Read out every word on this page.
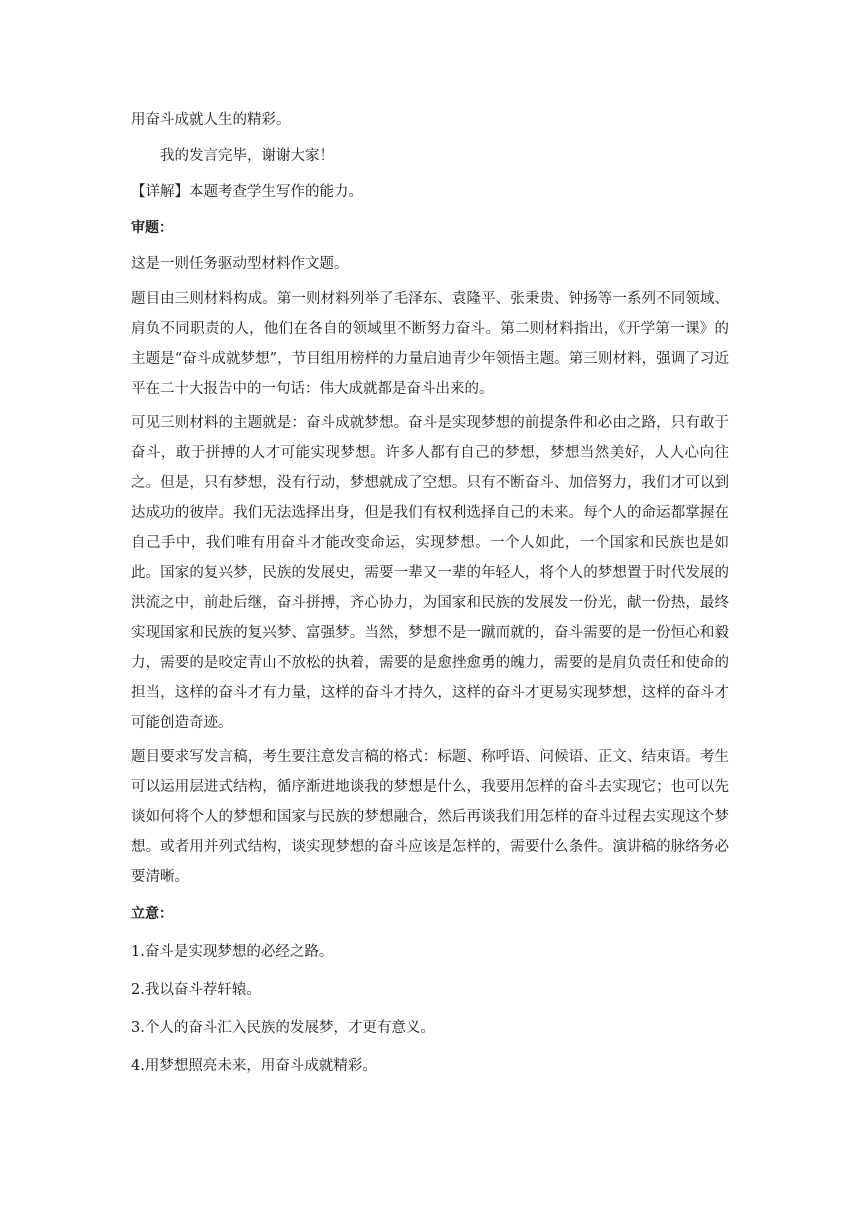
用奋斗成就人生的精彩。

我的发言完毕，谢谢大家！

【详解】本题考查学生写作的能力。

审题：

这是一则任务驱动型材料作文题。

题目由三则材料构成。第一则材料列举了毛泽东、袁隆平、张秉贵、钟扬等一系列不同领域、肩负不同职责的人，他们在各自的领域里不断努力奋斗。第二则材料指出，《开学第一课》的主题是“奋斗成就梦想”，节目组用榜样的力量启迪青少年领悟主题。第三则材料，强调了习近平在二十大报告中的一句话：伟大成就都是奋斗出来的。

可见三则材料的主题就是：奋斗成就梦想。奋斗是实现梦想的前提条件和必由之路，只有敢于奋斗，敢于拼搏的人才可能实现梦想。许多人都有自己的梦想，梦想当然美好，人人心向往之。但是，只有梦想，没有行动，梦想就成了空想。只有不断奋斗、加倍努力，我们才可以到达成功的彼岸。我们无法选择出身，但是我们有权利选择自己的未来。每个人的命运都掌握在自己手中，我们唯有用奋斗才能改变命运，实现梦想。一个人如此，一个国家和民族也是如此。国家的复兴梦，民族的发展史，需要一辈又一辈的年轻人，将个人的梦想置于时代发展的洪流之中，前赴后继，奋斗拼搏，齐心协力，为国家和民族的发展发一份光，献一份热，最终实现国家和民族的复兴梦、富强梦。当然，梦想不是一蹴而就的，奋斗需要的是一份恒心和毅力，需要的是咬定青山不放松的执着，需要的是愈挫愈勇的魄力，需要的是肩负责任和使命的担当，这样的奋斗才有力量，这样的奋斗才持久，这样的奋斗才更易实现梦想，这样的奋斗才可能创造奇迹。

题目要求写发言稿，考生要注意发言稿的格式：标题、称呼语、问候语、正文、结束语。考生可以运用层进式结构，循序渐进地谈我的梦想是什么，我要用怎样的奋斗去实现它；也可以先谈如何将个人的梦想和国家与民族的梦想融合，然后再谈我们用怎样的奋斗过程去实现这个梦想。或者用并列式结构，谈实现梦想的奋斗应该是怎样的，需要什么条件。演讲稿的脉络务必要清晰。

立意：

1.奋斗是实现梦想的必经之路。

2.我以奋斗荐轩辕。

3.个人的奋斗汇入民族的发展梦，才更有意义。

4.用梦想照亮未来，用奋斗成就精彩。
